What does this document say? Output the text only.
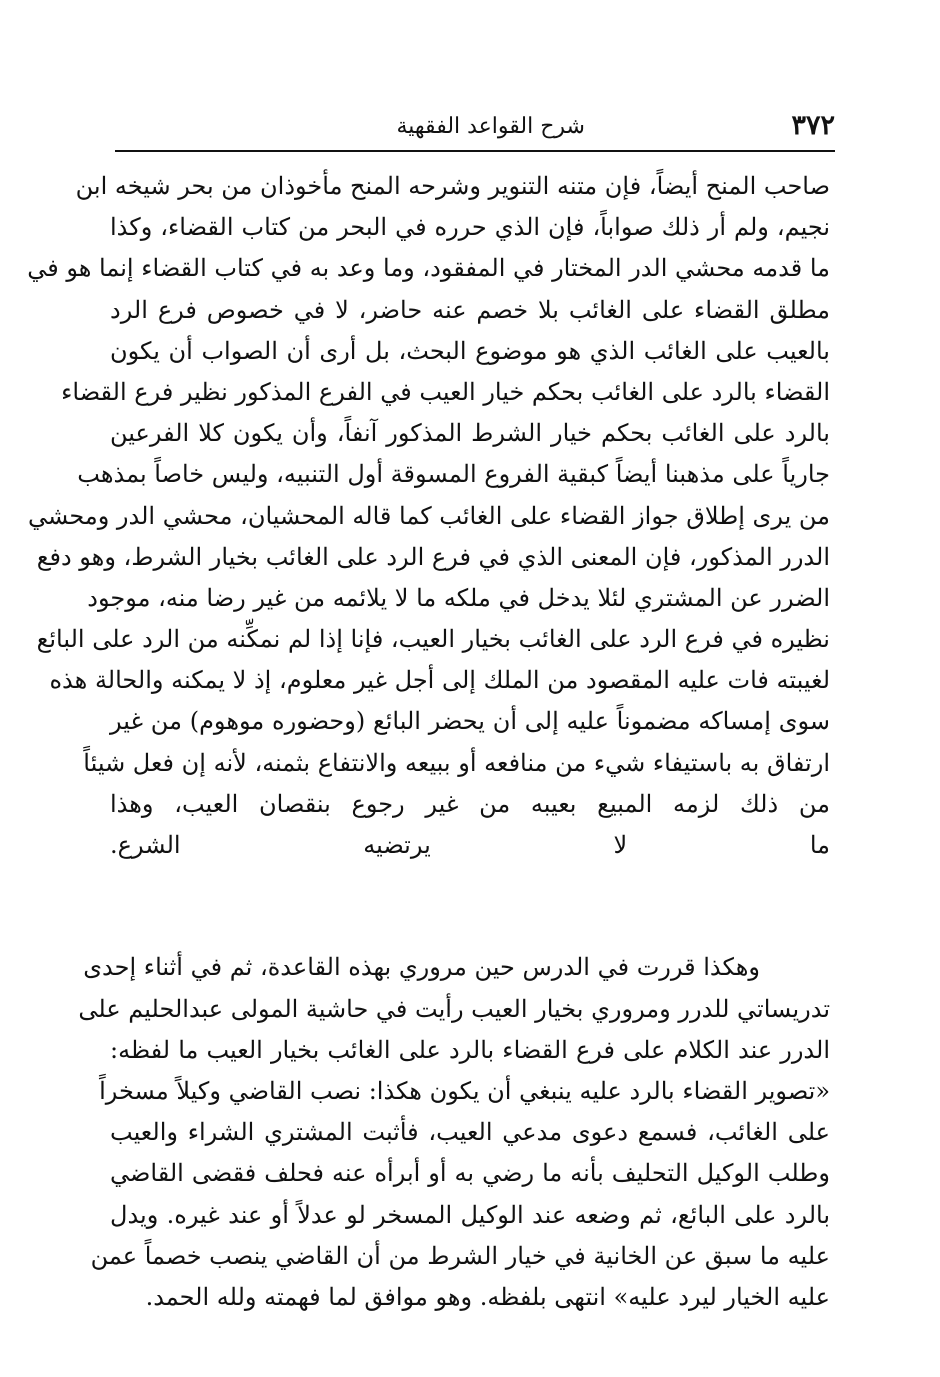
٣٧٢
شرح القواعد الفقهية
صاحب المنح أيضاً، فإن متنه التنوير وشرحه المنح مأخوذان من بحر شيخه ابن
نجيم، ولم أر ذلك صواباً، فإن الذي حرره في البحر من كتاب القضاء، وكذا
ما قدمه محشي الدر المختار في المفقود، وما وعد به في كتاب القضاء إنما هو في
مطلق القضاء على الغائب بلا خصم عنه حاضر، لا في خصوص فرع الرد
بالعيب على الغائب الذي هو موضوع البحث، بل أرى أن الصواب أن يكون
القضاء بالرد على الغائب بحكم خيار العيب في الفرع المذكور نظير فرع القضاء
بالرد على الغائب بحكم خيار الشرط المذكور آنفاً، وأن يكون كلا الفرعين
جارياً على مذهبنا أيضاً كبقية الفروع المسوقة أول التنبيه، وليس خاصاً بمذهب
من يرى إطلاق جواز القضاء على الغائب كما قاله المحشيان، محشي الدر ومحشي
الدرر المذكور، فإن المعنى الذي في فرع الرد على الغائب بخيار الشرط، وهو دفع
الضرر عن المشتري لئلا يدخل في ملكه ما لا يلائمه من غير رضا منه، موجود
نظيره في فرع الرد على الغائب بخيار العيب، فإنا إذا لم نمكِّنه من الرد على البائع
لغيبته فات عليه المقصود من الملك إلى أجل غير معلوم، إذ لا يمكنه والحالة هذه
سوى إمساكه مضموناً عليه إلى أن يحضر البائع (وحضوره موهوم) من غير
ارتفاق به باستيفاء شيء من منافعه أو ببيعه والانتفاع بثمنه، لأنه إن فعل شيئاً
من ذلك لزمه المبيع بعيبه من غير رجوع بنقصان العيب، وهذا
ما لا يرتضيه الشرع.
وهكذا قررت في الدرس حين مروري بهذه القاعدة، ثم في أثناء إحدى
تدريساتي للدرر ومروري بخيار العيب رأيت في حاشية المولى عبدالحليم على
الدرر عند الكلام على فرع القضاء بالرد على الغائب بخيار العيب ما لفظه:
«تصوير القضاء بالرد عليه ينبغي أن يكون هكذا: نصب القاضي وكيلاً مسخراً
على الغائب، فسمع دعوى مدعي العيب، فأثبت المشتري الشراء والعيب
وطلب الوكيل التحليف بأنه ما رضي به أو أبرأه عنه فحلف فقضى القاضي
بالرد على البائع، ثم وضعه عند الوكيل المسخر لو عدلاً أو عند غيره. ويدل
عليه ما سبق عن الخانية في خيار الشرط من أن القاضي ينصب خصماً عمن
عليه الخيار ليرد عليه» انتهى بلفظه. وهو موافق لما فهمته ولله الحمد.
